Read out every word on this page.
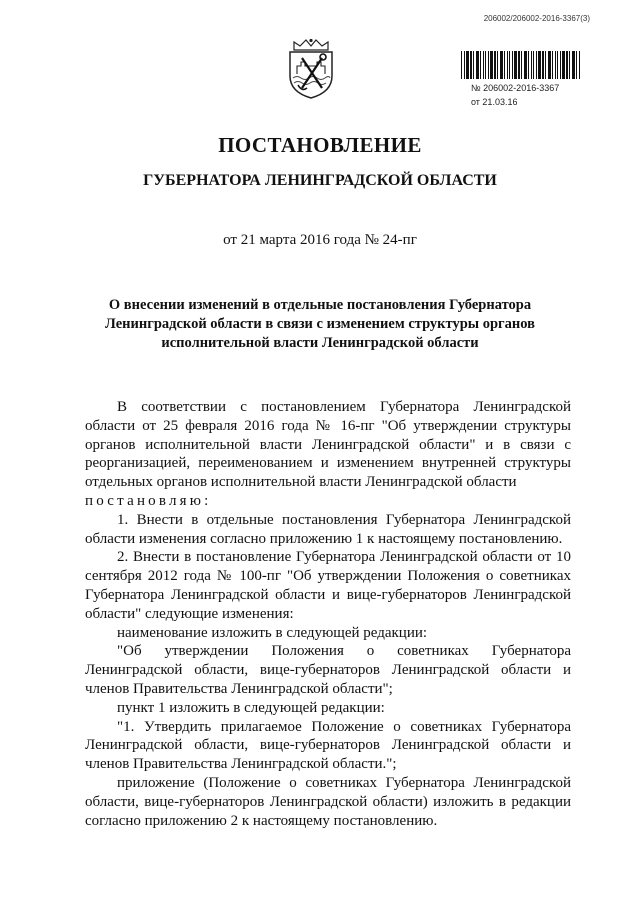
206002/206002-2016-3367(3)
№ 206002-2016-3367
от 21.03.16
ПОСТАНОВЛЕНИЕ
ГУБЕРНАТОРА ЛЕНИНГРАДСКОЙ ОБЛАСТИ
от 21 марта 2016 года № 24-пг
О внесении изменений в отдельные постановления Губернатора Ленинградской области в связи с изменением структуры органов исполнительной власти Ленинградской области

В соответствии с постановлением Губернатора Ленинградской области от 25 февраля 2016 года № 16-пг "Об утверждении структуры органов исполнительной власти Ленинградской области" и в связи с реорганизацией, переименованием и изменением внутренней структуры отдельных органов исполнительной власти Ленинградской области

постановляю:

1. Внести в отдельные постановления Губернатора Ленинградской области изменения согласно приложению 1 к настоящему постановлению.

2. Внести в постановление Губернатора Ленинградской области от 10 сентября 2012 года № 100-пг "Об утверждении Положения о советниках Губернатора Ленинградской области и вице-губернаторов Ленинградской области" следующие изменения:

наименование изложить в следующей редакции:

"Об утверждении Положения о советниках Губернатора Ленинградской области, вице-губернаторов Ленинградской области и членов Правительства Ленинградской области";

пункт 1 изложить в следующей редакции:

"1. Утвердить прилагаемое Положение о советниках Губернатора Ленинградской области, вице-губернаторов Ленинградской области и членов Правительства Ленинградской области.";

приложение (Положение о советниках Губернатора Ленинградской области, вице-губернаторов Ленинградской области) изложить в редакции согласно приложению 2 к настоящему постановлению.
